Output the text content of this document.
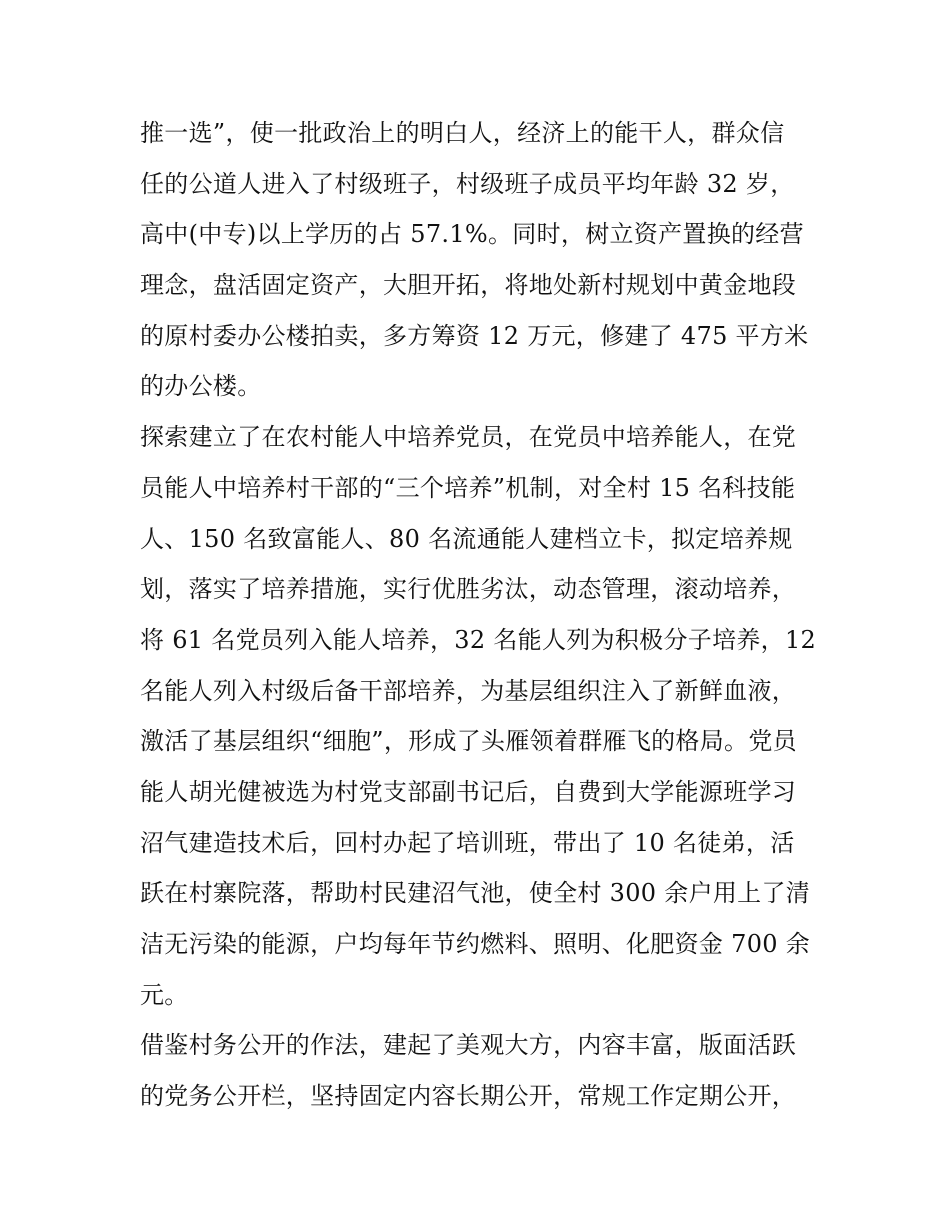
推一选”，使一批政治上的明白人，经济上的能干人，群众信
任的公道人进入了村级班子，村级班子成员平均年龄 32 岁，
高中(中专)以上学历的占 57.1%。同时，树立资产置换的经营
理念，盘活固定资产，大胆开拓，将地处新村规划中黄金地段
的原村委办公楼拍卖，多方筹资 12 万元，修建了 475 平方米
的办公楼。
探索建立了在农村能人中培养党员，在党员中培养能人，在党
员能人中培养村干部的“三个培养”机制，对全村 15 名科技能
人、150 名致富能人、80 名流通能人建档立卡，拟定培养规
划，落实了培养措施，实行优胜劣汰，动态管理，滚动培养，
将 61 名党员列入能人培养，32 名能人列为积极分子培养，12
名能人列入村级后备干部培养，为基层组织注入了新鲜血液，
激活了基层组织“细胞”，形成了头雁领着群雁飞的格局。党员
能人胡光健被选为村党支部副书记后，自费到大学能源班学习
沼气建造技术后，回村办起了培训班，带出了 10 名徒弟，活
跃在村寨院落，帮助村民建沼气池，使全村 300 余户用上了清
洁无污染的能源，户均每年节约燃料、照明、化肥资金 700 余
元。
借鉴村务公开的作法，建起了美观大方，内容丰富，版面活跃
的党务公开栏，坚持固定内容长期公开，常规工作定期公开，
